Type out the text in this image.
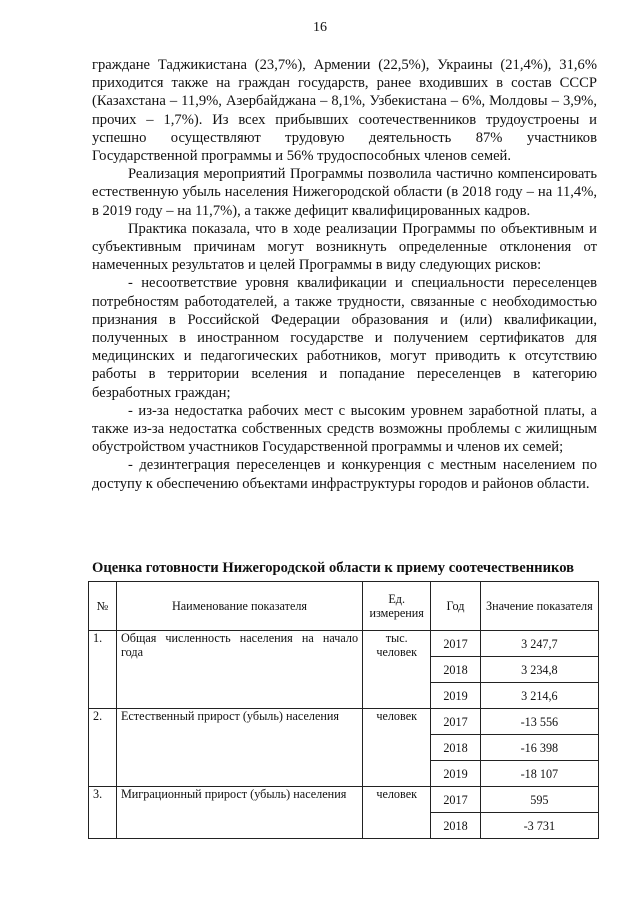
16

граждане Таджикистана (23,7%), Армении (22,5%), Украины (21,4%), 31,6% приходится также на граждан государств, ранее входивших в состав СССР (Казахстана – 11,9%, Азербайджана – 8,1%, Узбекистана – 6%, Молдовы – 3,9%, прочих – 1,7%). Из всех прибывших соотечественников трудоустроены и успешно осуществляют трудовую деятельность 87% участников Государственной программы и 56% трудоспособных членов семей.

Реализация мероприятий Программы позволила частично компенсировать естественную убыль населения Нижегородской области (в 2018 году – на 11,4%, в 2019 году – на 11,7%), а также дефицит квалифицированных кадров.

Практика показала, что в ходе реализации Программы по объективным и субъективным причинам могут возникнуть определенные отклонения от намеченных результатов и целей Программы в виду следующих рисков:

- несоответствие уровня квалификации и специальности переселенцев потребностям работодателей, а также трудности, связанные с необходимостью признания в Российской Федерации образования и (или) квалификации, полученных в иностранном государстве и получением сертификатов для медицинских и педагогических работников, могут приводить к отсутствию работы в территории вселения и попадание переселенцев в категорию безработных граждан;

- из-за недостатка рабочих мест с высоким уровнем заработной платы, а также из-за недостатка собственных средств возможны проблемы с жилищным обустройством участников Государственной программы и членов их семей;

- дезинтеграция переселенцев и конкуренция с местным населением по доступу к обеспечению объектами инфраструктуры городов и районов области.

Оценка готовности Нижегородской области к приему соотечественников
№	Наименование показателя	Ед. измерения	Год	Значение показателя
1.	Общая численность населения на начало года	тыс. человек	2017	3 247,7
			2018	3 234,8
			2019	3 214,6
2.	Естественный прирост (убыль) населения	человек	2017	-13 556
			2018	-16 398
			2019	-18 107
3.	Миграционный прирост (убыль) населения	человек	2017	595
			2018	-3 731
